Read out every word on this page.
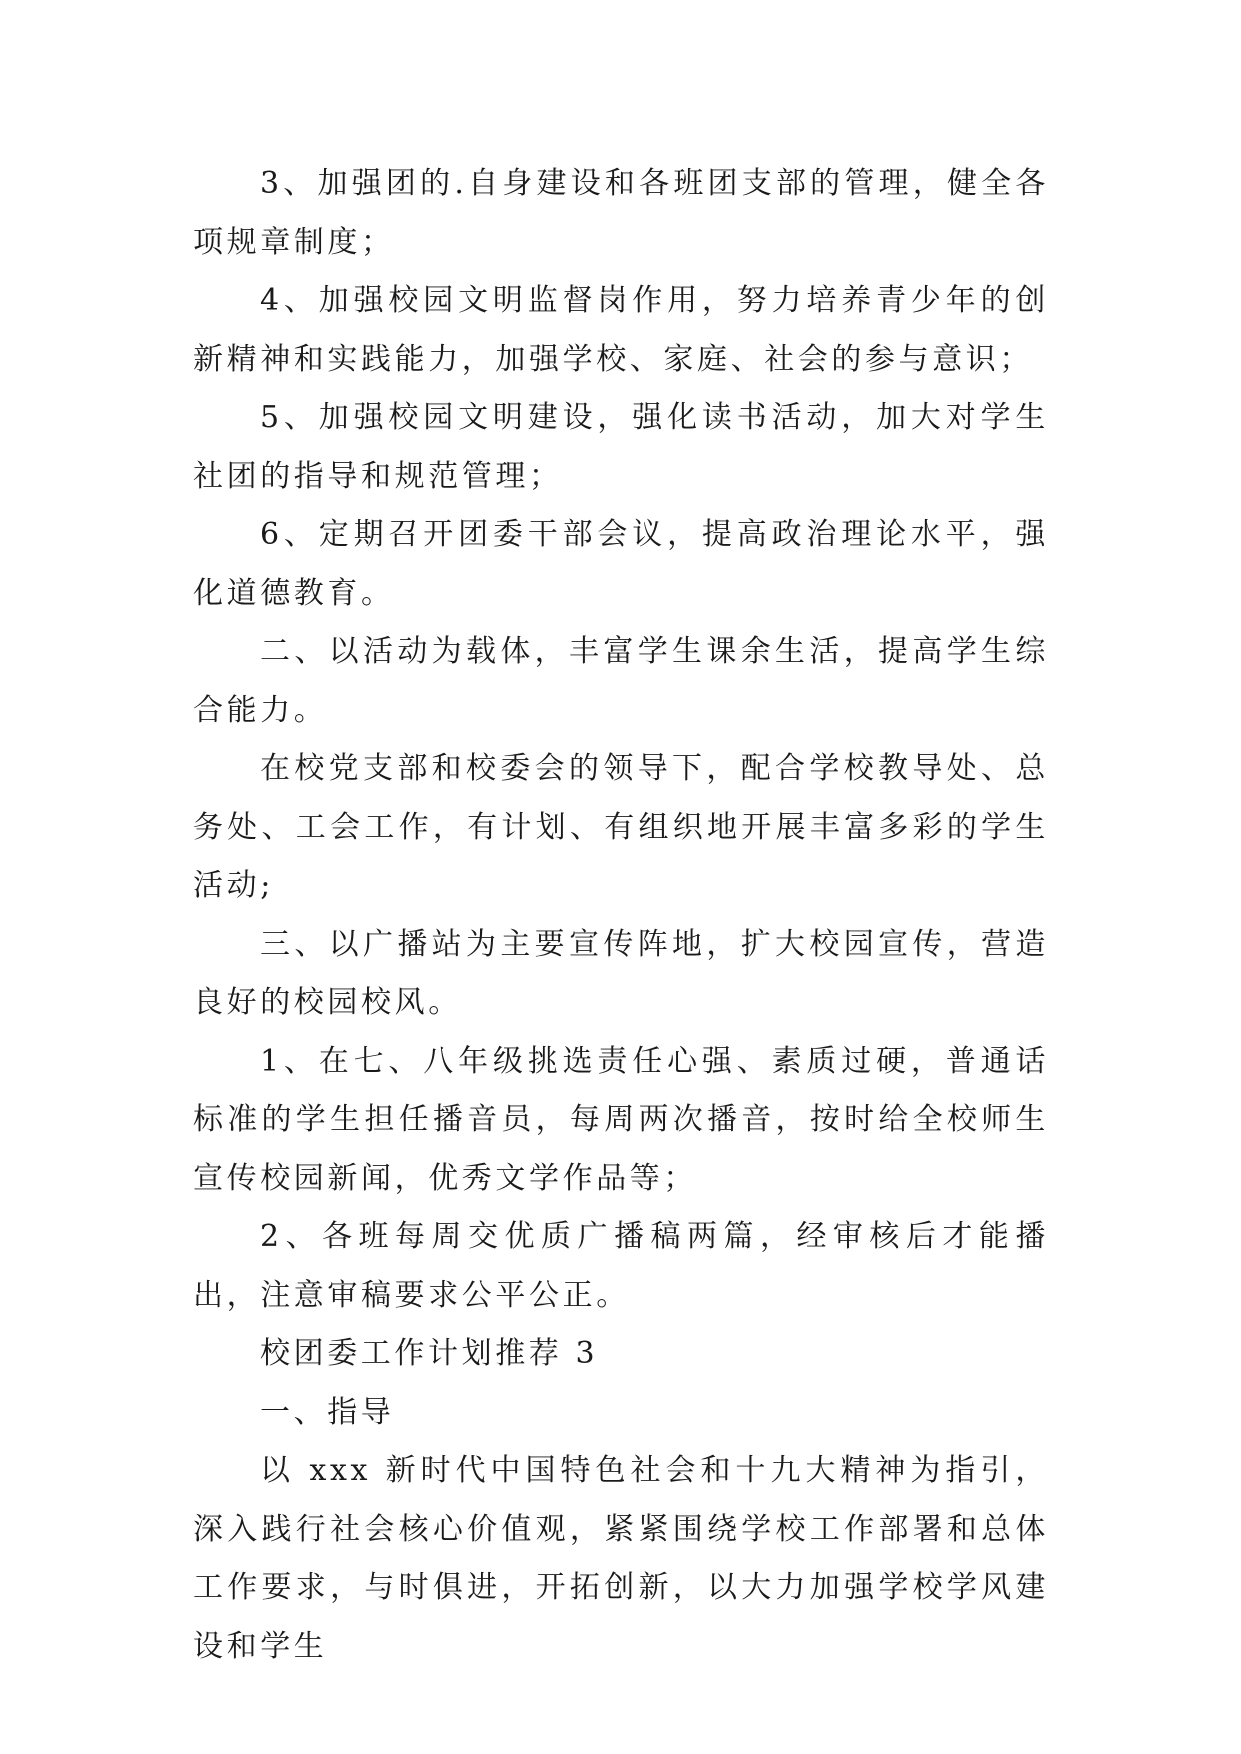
3、加强团的.自身建设和各班团支部的管理，健全各项规章制度；

4、加强校园文明监督岗作用，努力培养青少年的创新精神和实践能力，加强学校、家庭、社会的参与意识；

5、加强校园文明建设，强化读书活动，加大对学生社团的指导和规范管理；

6、定期召开团委干部会议，提高政治理论水平，强化道德教育。

二、以活动为载体，丰富学生课余生活，提高学生综合能力。

在校党支部和校委会的领导下，配合学校教导处、总务处、工会工作，有计划、有组织地开展丰富多彩的学生活动;

三、以广播站为主要宣传阵地，扩大校园宣传，营造良好的校园校风。

1、在七、八年级挑选责任心强、素质过硬，普通话标准的学生担任播音员，每周两次播音，按时给全校师生宣传校园新闻，优秀文学作品等；

2、各班每周交优质广播稿两篇，经审核后才能播出，注意审稿要求公平公正。

校团委工作计划推荐 3

一、指导

以 xxx 新时代中国特色社会和十九大精神为指引，深入践行社会核心价值观，紧紧围绕学校工作部署和总体工作要求，与时俱进，开拓创新，以大力加强学校学风建设和学生
